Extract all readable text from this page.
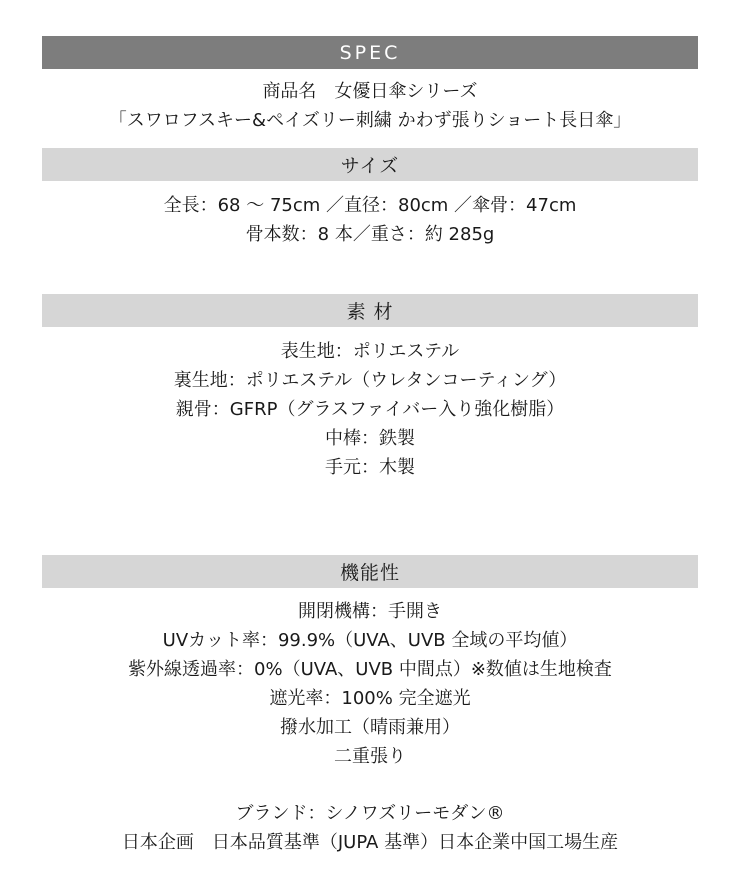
SPEC
商品名　女優日傘シリーズ
「スワロフスキー&ペイズリー刺繍 かわず張りショート長日傘」
サイズ
全長：68 〜 75cm ／直径：80cm ／傘骨：47cm
骨本数：8 本／重さ：約 285g
素 材
表生地：ポリエステル
裏生地：ポリエステル（ウレタンコーティング）
親骨：GFRP（グラスファイバー入り強化樹脂）
中棒：鉄製
手元：木製
機能性
開閉機構：手開き
UVカット率：99.9%（UVA、UVB 全域の平均値）
紫外線透過率：0%（UVA、UVB 中間点）※数値は生地検査
遮光率：100% 完全遮光
撥水加工（晴雨兼用）
二重張り
ブランド：シノワズリーモダン®
日本企画　日本品質基準（JUPA 基準）日本企業中国工場生産
